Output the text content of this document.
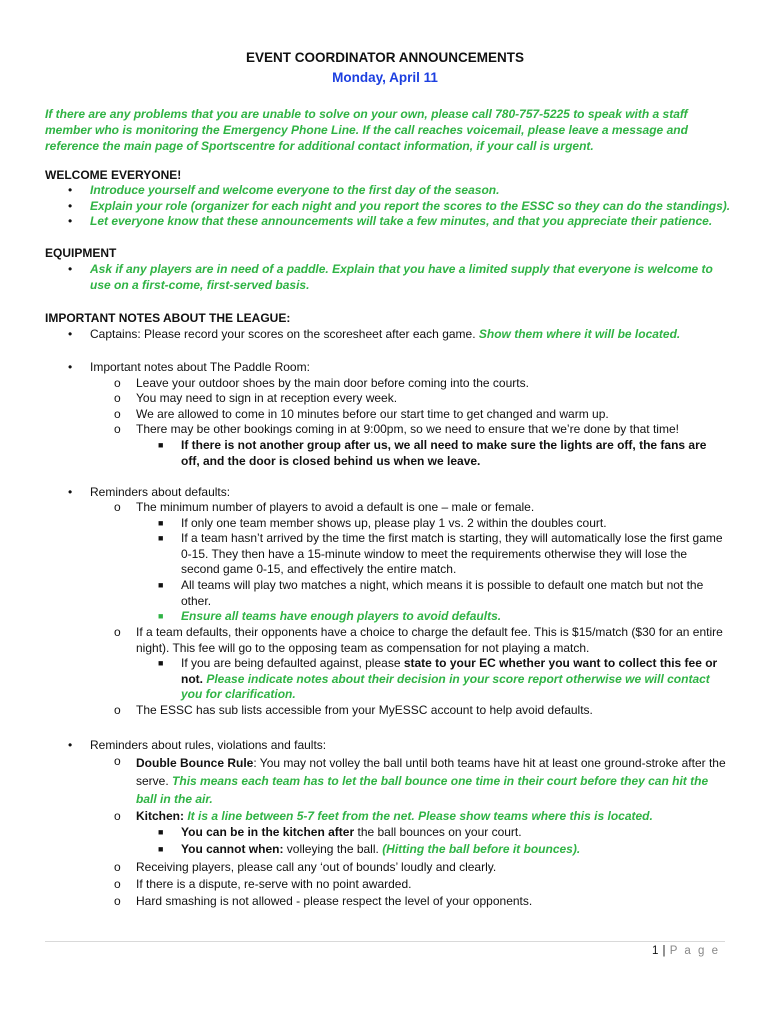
EVENT COORDINATOR ANNOUNCEMENTS
Monday, April 11
If there are any problems that you are unable to solve on your own, please call 780-757-5225 to speak with a staff member who is monitoring the Emergency Phone Line. If the call reaches voicemail, please leave a message and reference the main page of Sportscentre for additional contact information, if your call is urgent.
WELCOME EVERYONE!
•	Introduce yourself and welcome everyone to the first day of the season.
•	Explain your role (organizer for each night and you report the scores to the ESSC so they can do the standings).
•	Let everyone know that these announcements will take a few minutes, and that you appreciate their patience.
EQUIPMENT
•	Ask if any players are in need of a paddle. Explain that you have a limited supply that everyone is welcome to use on a first-come, first-served basis.
IMPORTANT NOTES ABOUT THE LEAGUE:
•	Captains: Please record your scores on the scoresheet after each game. Show them where it will be located.
•	Important notes about The Paddle Room:
o	Leave your outdoor shoes by the main door before coming into the courts.
o	You may need to sign in at reception every week.
o	We are allowed to come in 10 minutes before our start time to get changed and warm up.
o	There may be other bookings coming in at 9:00pm, so we need to ensure that we’re done by that time!
■	If there is not another group after us, we all need to make sure the lights are off, the fans are off, and the door is closed behind us when we leave.
•	Reminders about defaults:
o	The minimum number of players to avoid a default is one – male or female.
■	If only one team member shows up, please play 1 vs. 2 within the doubles court.
■	If a team hasn’t arrived by the time the first match is starting, they will automatically lose the first game 0-15. They then have a 15-minute window to meet the requirements otherwise they will lose the second game 0-15, and effectively the entire match.
■	All teams will play two matches a night, which means it is possible to default one match but not the other.
■	Ensure all teams have enough players to avoid defaults.
o	If a team defaults, their opponents have a choice to charge the default fee. This is $15/match ($30 for an entire night). This fee will go to the opposing team as compensation for not playing a match.
■	If you are being defaulted against, please state to your EC whether you want to collect this fee or not. Please indicate notes about their decision in your score report otherwise we will contact you for clarification.
o	The ESSC has sub lists accessible from your MyESSC account to help avoid defaults.
•	Reminders about rules, violations and faults:
o	Double Bounce Rule: You may not volley the ball until both teams have hit at least one ground-stroke after the serve. This means each team has to let the ball bounce one time in their court before they can hit the ball in the air.
o	Kitchen: It is a line between 5-7 feet from the net. Please show teams where this is located.
■	You can be in the kitchen after the ball bounces on your court.
■	You cannot when: volleying the ball. (Hitting the ball before it bounces).
o	Receiving players, please call any ‘out of bounds’ loudly and clearly.
o	If there is a dispute, re-serve with no point awarded.
o	Hard smashing is not allowed - please respect the level of your opponents.
1 | P a g e
